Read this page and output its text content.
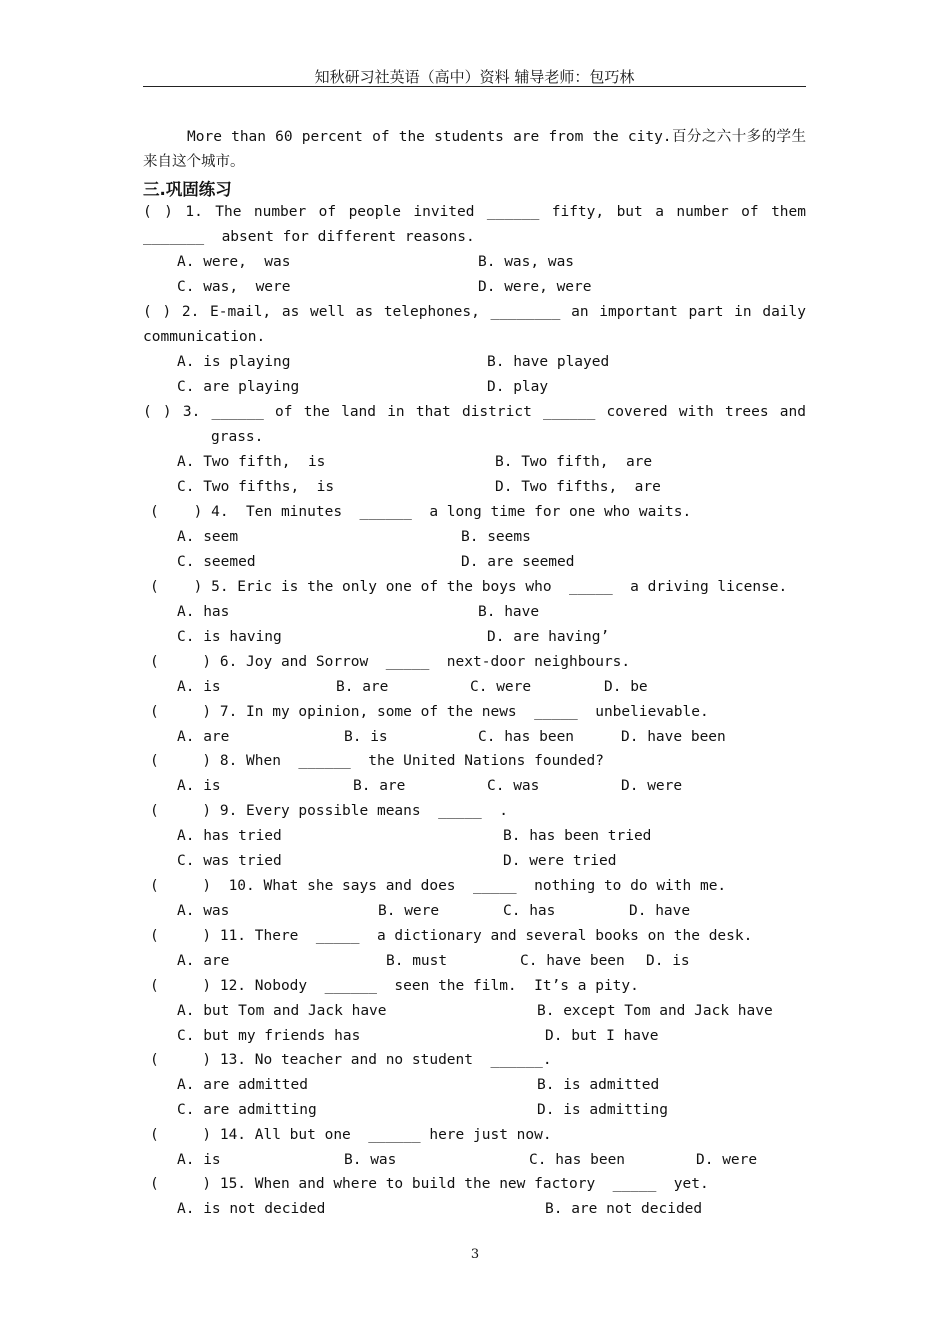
知秋研习社英语（高中）资料 辅导老师：包巧林
More than 60 percent of the students are from the city.百分之六十多的学生
来自这个城市。
三.巩固练习
( ) 1. The number of people invited ______ fifty, but a number of them
_______  absent for different reasons.
A. were,  was	B. was, was
C. was,  were	D. were, were
( ) 2. E-mail, as well as telephones, ________ an important part in daily
communication.
A. is playing	B. have played
C. are playing	D. play
( ) 3. ______ of the land in that district ______ covered with trees and
grass.
A. Two fifth,  is	B. Two fifth,  are
C. Two fifths,  is	D. Two fifths,  are
(    ) 4.  Ten minutes  ______  a long time for one who waits.
A. seem	B. seems
C. seemed	D. are seemed
(    ) 5. Eric is the only one of the boys who  _____  a driving license.
A. has	B. have
C. is having	D. are having’
(     ) 6. Joy and Sorrow  _____  next-door neighbours.
A. is	B. are	C. were	D. be
(     ) 7. In my opinion, some of the news  _____  unbelievable.
A. are	B. is	C. has been	D. have been
(     ) 8. When  ______  the United Nations founded?
A. is	B. are	C. was	D. were
(     ) 9. Every possible means  _____  .
A. has tried	B. has been tried
C. was tried	D. were tried
(     )  10. What she says and does  _____  nothing to do with me.
A. was	B. were	C. has	D. have
(     ) 11. There  _____  a dictionary and several books on the desk.
A. are	B. must	C. have been D. is
(     ) 12. Nobody  ______  seen the film.  It’s a pity.
A. but Tom and Jack have	B. except Tom and Jack have
C. but my friends has	D. but I have
(     ) 13. No teacher and no student  ______.
A. are admitted	B. is admitted
C. are admitting	D. is admitting
(     ) 14. All but one  ______ here just now.
A. is	B. was	C. has been	D. were
(     ) 15. When and where to build the new factory  _____  yet.
A. is not decided	B. are not decided
3
